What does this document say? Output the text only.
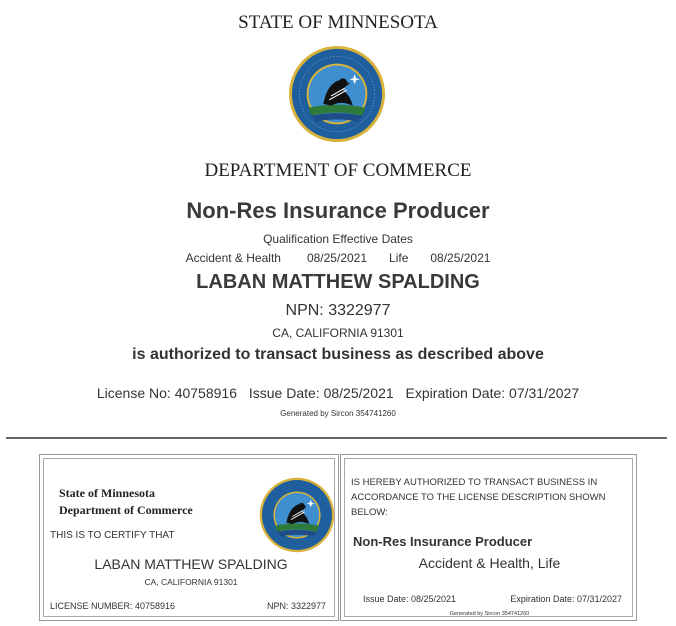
STATE OF MINNESOTA
DEPARTMENT OF COMMERCE
Non-Res Insurance Producer
Qualification Effective Dates
Accident & Health 08/25/2021 Life 08/25/2021
LABAN MATTHEW SPALDING
NPN: 3322977
CA, CALIFORNIA 91301
is authorized to transact business as described above
License No: 40758916 Issue Date: 08/25/2021 Expiration Date: 07/31/2027
Generated by Sircon 354741260
State of Minnesota
Department of Commerce
THIS IS TO CERTIFY THAT
LABAN MATTHEW SPALDING
CA, CALIFORNIA 91301
LICENSE NUMBER: 40758916	NPN: 3322977
IS HEREBY AUTHORIZED TO TRANSACT BUSINESS IN ACCORDANCE TO THE LICENSE DESCRIPTION SHOWN BELOW:
Non-Res Insurance Producer
Accident & Health, Life
Issue Date: 08/25/2021	Expiration Date: 07/31/2027
Generated by Sircon 354741260
